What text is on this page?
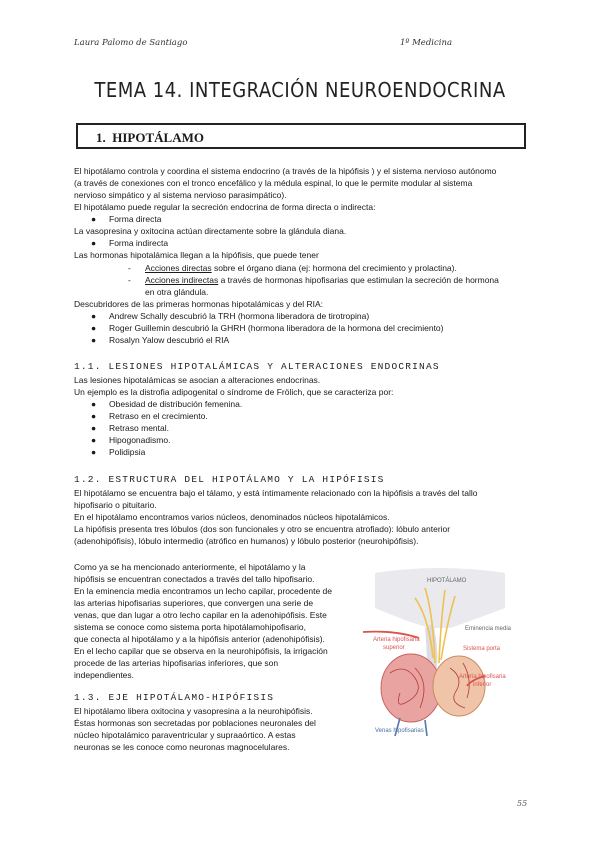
Laura Palomo de Santiago	1º Medicina
TEMA 14. INTEGRACIÓN NEUROENDOCRINA
1. HIPOTÁLAMO
El hipotálamo controla y coordina el sistema endocrino (a través de la hipófisis ) y el sistema nervioso autónomo
(a través de conexiones con el tronco encefálico y la médula espinal, lo que le permite modular al sistema
nervioso simpático y al sistema nervioso parasimpático).
El hipotálamo puede regular la secreción endocrina de forma directa o indirecta:
● Forma directa
La vasopresina y oxitocina actúan directamente sobre la glándula diana.
● Forma indirecta
Las hormonas hipotalámica llegan a la hipófisis, que puede tener
- Acciones directas sobre el órgano diana (ej: hormona del crecimiento y prolactina).
- Acciones indirectas a través de hormonas hipofisarias que estimulan la secreción de hormona
en otra glándula.
Descubridores de las primeras hormonas hipotalámicas y del RIA:
● Andrew Schally descubrió la TRH (hormona liberadora de tirotropina)
● Roger Guillemin descubrió la GHRH (hormona liberadora de la hormona del crecimiento)
● Rosalyn Yalow descubrió el RIA
1.1. LESIONES HIPOTALÁMICAS Y ALTERACIONES ENDOCRINAS
Las lesiones hipotalámicas se asocian a alteraciones endocrinas.
Un ejemplo es la distrofia adipogenital o síndrome de Frölich, que se caracteriza por:
● Obesidad de distribución femenina.
● Retraso en el crecimiento.
● Retraso mental.
● Hipogonadismo.
● Polidipsia
1.2. ESTRUCTURA DEL HIPOTÁLAMO Y LA HIPÓFISIS
El hipotálamo se encuentra bajo el tálamo, y está íntimamente relacionado con la hipófisis a través del tallo
hipofisario o pituitario.
En el hipotálamo encontramos varios núcleos, denominados núcleos hipotalámicos.
La hipófisis presenta tres lóbulos (dos son funcionales y otro se encuentra atrofiado): lóbulo anterior
(adenohipófisis), lóbulo intermedio (atrófico en humanos) y lóbulo posterior (neurohipófisis).
Como ya se ha mencionado anteriormente, el hipotálamo y la
hipófisis se encuentran conectados a través del tallo hipofisario.
En la eminencia media encontramos un lecho capilar, procedente de
las arterias hipofisarias superiores, que convergen una serie de
venas, que dan lugar a otro lecho capilar en la adenohipófisis. Este
sistema se conoce como sistema porta hipotálamohipofisario,
que conecta al hipotálamo y a la hipófisis anterior (adenohipófisis).
En el lecho capilar que se observa en la neurohipófisis, la irrigación
procede de las arterias hipofisarias inferiores, que son
independientes.
1.3. EJE HIPOTÁLAMO-HIPÓFISIS
El hipotálamo libera oxitocina y vasopresina a la neurohipófisis.
Éstas hormonas son secretadas por poblaciones neuronales del
núcleo hipotalámico paraventricular y supraaórtico. A estas
neuronas se les conoce como neuronas magnocelulares.
HIPOTÁLAMO
Eminencia media
Arteria hipofisaria
superior	Sistema porta
Arteria hipofisaria
inferior
Venas hipofisarias
55
